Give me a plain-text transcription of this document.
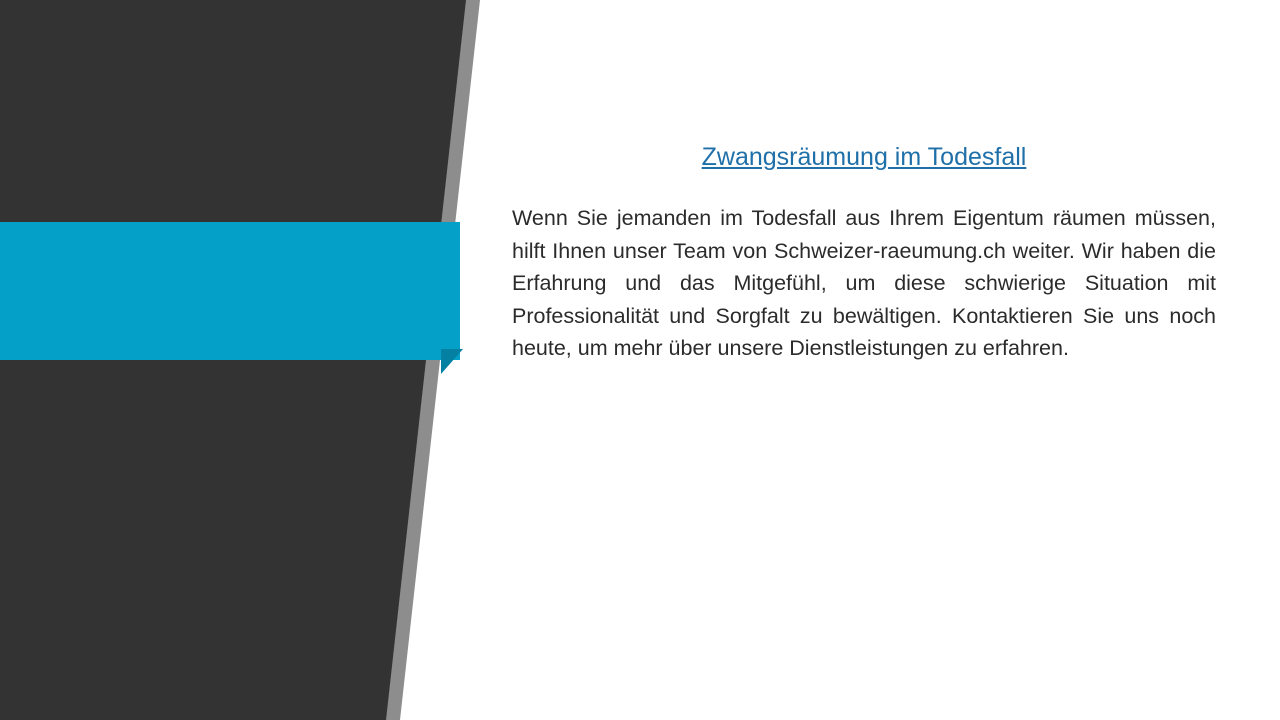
Zwangsräumung im Todesfall

Wenn Sie jemanden im Todesfall aus Ihrem Eigentum räumen müssen, hilft Ihnen unser Team von Schweizer-raeumung.ch weiter. Wir haben die Erfahrung und das Mitgefühl, um diese schwierige Situation mit Professionalität und Sorgfalt zu bewältigen. Kontaktieren Sie uns noch heute, um mehr über unsere Dienstleistungen zu erfahren.
